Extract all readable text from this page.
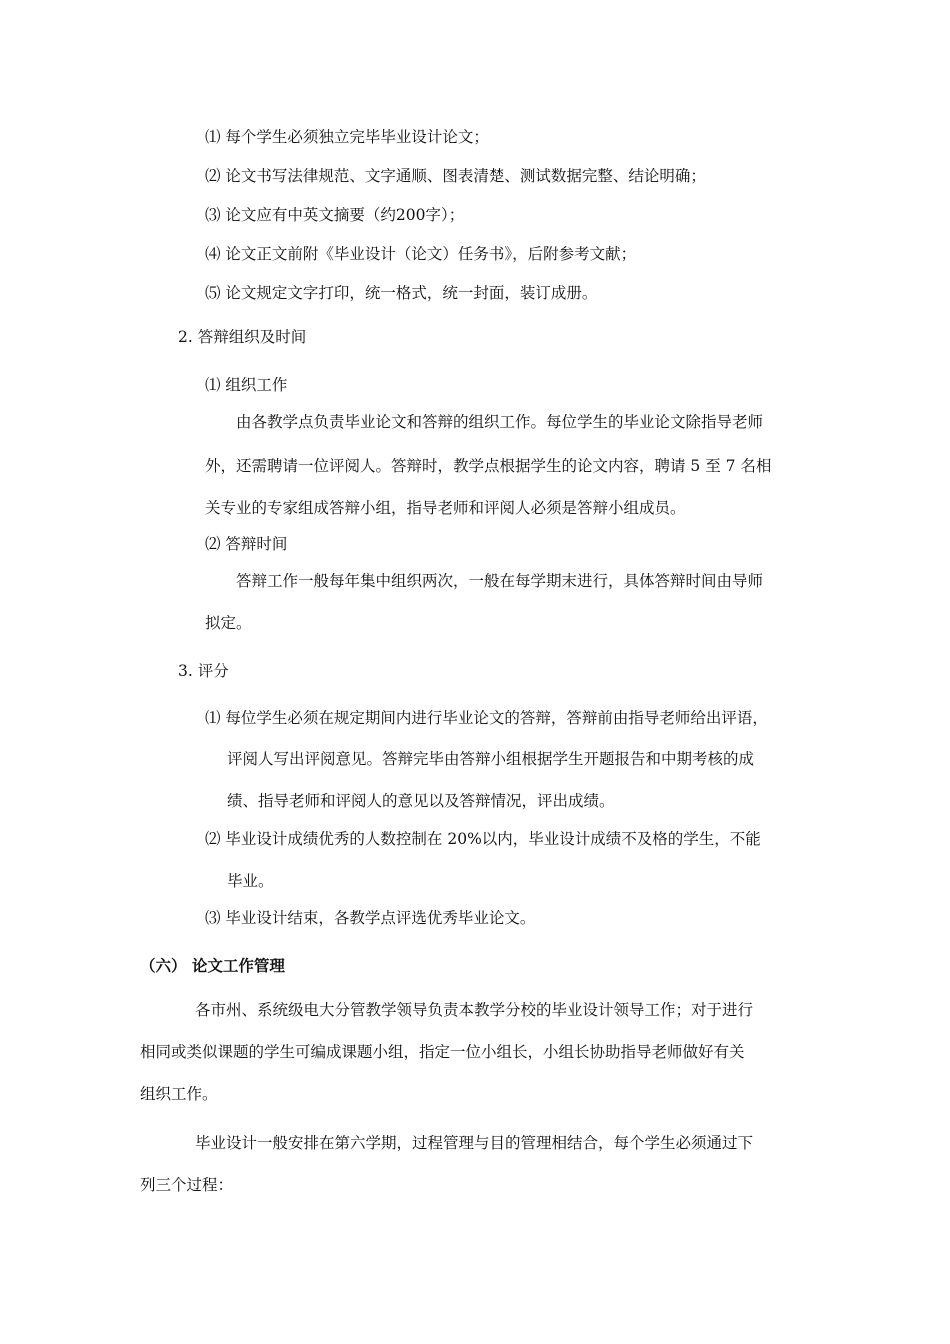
⑴ 每个学生必须独立完毕毕业设计论文；
⑵ 论文书写法律规范、文字通顺、图表清楚、测试数据完整、结论明确；
⑶ 论文应有中英文摘要（约200字）；
⑷ 论文正文前附《毕业设计（论文）任务书》，后附参考文献；
⑸ 论文规定文字打印，统一格式，统一封面，装订成册。
2. 答辩组织及时间
⑴ 组织工作
由各教学点负责毕业论文和答辩的组织工作。每位学生的毕业论文除指导老师
外，还需聘请一位评阅人。答辩时，教学点根据学生的论文内容，聘请 5 至 7 名相
关专业的专家组成答辩小组，指导老师和评阅人必须是答辩小组成员。
⑵ 答辩时间
答辩工作一般每年集中组织两次，一般在每学期末进行，具体答辩时间由导师
拟定。
3. 评分
⑴ 每位学生必须在规定期间内进行毕业论文的答辩，答辩前由指导老师给出评语，
评阅人写出评阅意见。答辩完毕由答辩小组根据学生开题报告和中期考核的成
绩、指导老师和评阅人的意见以及答辩情况，评出成绩。
⑵ 毕业设计成绩优秀的人数控制在 20%以内，毕业设计成绩不及格的学生，不能
毕业。
⑶ 毕业设计结束，各教学点评选优秀毕业论文。
（六） 论文工作管理
各市州、系统级电大分管教学领导负责本教学分校的毕业设计领导工作；对于进行
相同或类似课题的学生可编成课题小组，指定一位小组长，小组长协助指导老师做好有关
组织工作。
毕业设计一般安排在第六学期，过程管理与目的管理相结合，每个学生必须通过下
列三个过程：
